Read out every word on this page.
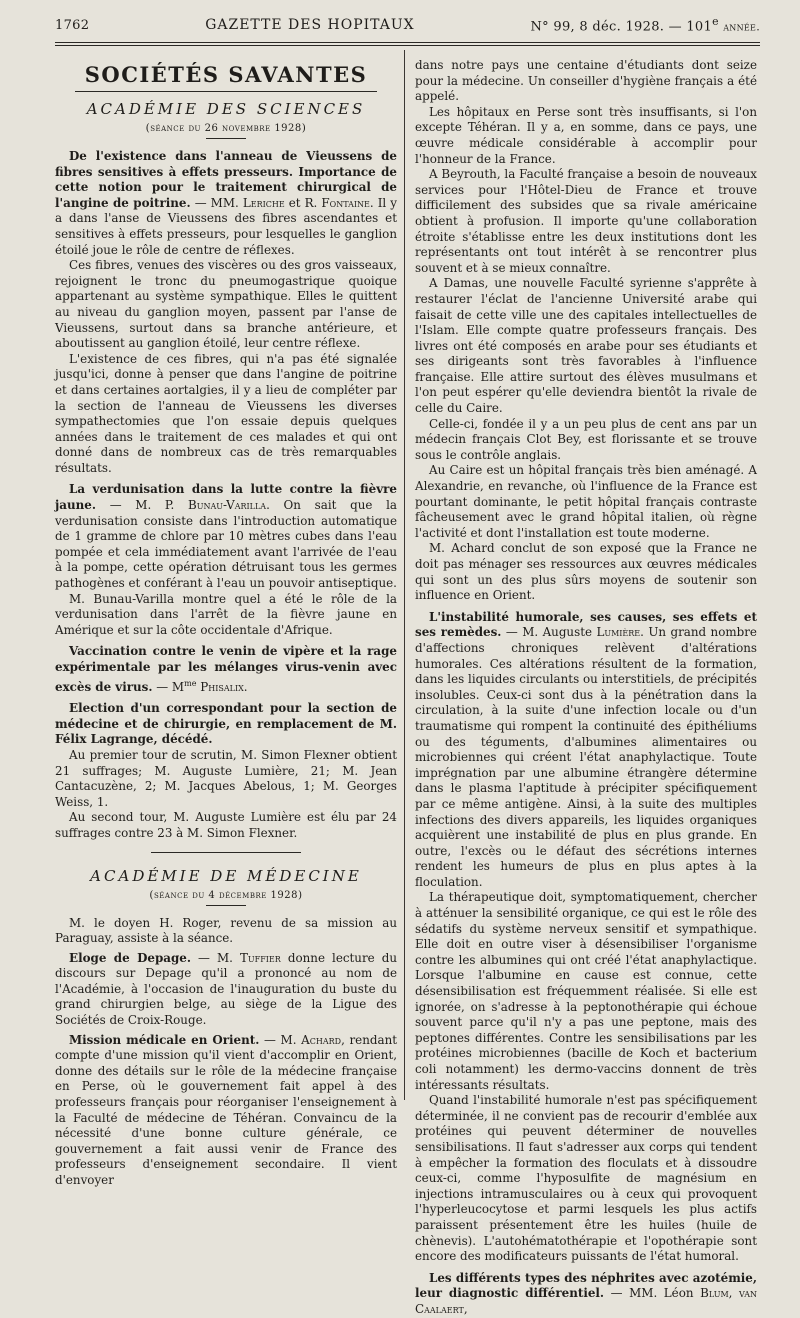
1762	GAZETTE DES HOPITAUX	N° 99, 8 déc. 1928. — 101e année.
SOCIÉTÉS SAVANTES
ACADÉMIE DES SCIENCES
(séance du 26 novembre 1928)

De l'existence dans l'anneau de Vieussens de fibres sensitives à effets presseurs. Importance de cette notion pour le traitement chirurgical de l'angine de poitrine. — MM. Leriche et R. Fontaine. Il y a dans l'anse de Vieussens des fibres ascendantes et sensitives à effets presseurs, pour lesquelles le ganglion étoilé joue le rôle de centre de réflexes.

Ces fibres, venues des viscères ou des gros vaisseaux, rejoignent le tronc du pneumogastrique quoique appartenant au système sympathique. Elles le quittent au niveau du ganglion moyen, passent par l'anse de Vieussens, surtout dans sa branche antérieure, et aboutissent au ganglion étoilé, leur centre réflexe.

L'existence de ces fibres, qui n'a pas été signalée jusqu'ici, donne à penser que dans l'angine de poitrine et dans certaines aortalgies, il y a lieu de compléter par la section de l'anneau de Vieussens les diverses sympathectomies que l'on essaie depuis quelques années dans le traitement de ces malades et qui ont donné dans de nombreux cas de très remarquables résultats.

La verdunisation dans la lutte contre la fièvre jaune. — M. P. Bunau-Varilla. On sait que la verdunisation consiste dans l'introduction automatique de 1 gramme de chlore par 10 mètres cubes dans l'eau pompée et cela immédiatement avant l'arrivée de l'eau à la pompe, cette opération détruisant tous les germes pathogènes et conférant à l'eau un pouvoir antiseptique.

M. Bunau-Varilla montre quel a été le rôle de la verdunisation dans l'arrêt de la fièvre jaune en Amérique et sur la côte occidentale d'Afrique.

Vaccination contre le venin de vipère et la rage expérimentale par les mélanges virus-venin avec excès de virus. — $M^{me}$ Phisalix.

Election d'un correspondant pour la section de médecine et de chirurgie, en remplacement de M. Félix Lagrange, décédé.

Au premier tour de scrutin, M. Simon Flexner obtient 21 suffrages; M. Auguste Lumière, 21; M. Jean Cantacuzène, 2; M. Jacques Abelous, 1; M. Georges Weiss, 1.

Au second tour, M. Auguste Lumière est élu par 24 suffrages contre 23 à M. Simon Flexner.

ACADÉMIE DE MÉDECINE
(séance du 4 décembre 1928)

M. le doyen H. Roger, revenu de sa mission au Paraguay, assiste à la séance.

Eloge de Depage. — M. Tuffier donne lecture du discours sur Depage qu'il a prononcé au nom de l'Académie, à l'occasion de l'inauguration du buste du grand chirurgien belge, au siège de la Ligue des Sociétés de Croix-Rouge.

Mission médicale en Orient. — M. Achard, rendant compte d'une mission qu'il vient d'accomplir en Orient, donne des détails sur le rôle de la médecine française en Perse, où le gouvernement fait appel à des professeurs français pour réorganiser l'enseignement à la Faculté de médecine de Téhéran. Convaincu de la nécessité d'une bonne culture générale, ce gouvernement a fait aussi venir de France des professeurs d'enseignement secondaire. Il vient d'envoyer

dans notre pays une centaine d'étudiants dont seize pour la médecine. Un conseiller d'hygiène français a été appelé.

Les hôpitaux en Perse sont très insuffisants, si l'on excepte Téhéran. Il y a, en somme, dans ce pays, une œuvre médicale considérable à accomplir pour l'honneur de la France.

A Beyrouth, la Faculté française a besoin de nouveaux services pour l'Hôtel-Dieu de France et trouve difficilement des subsides que sa rivale américaine obtient à profusion. Il importe qu'une collaboration étroite s'établisse entre les deux institutions dont les représentants ont tout intérêt à se rencontrer plus souvent et à se mieux connaître.

A Damas, une nouvelle Faculté syrienne s'apprête à restaurer l'éclat de l'ancienne Université arabe qui faisait de cette ville une des capitales intellectuelles de l'Islam. Elle compte quatre professeurs français. Des livres ont été composés en arabe pour ses étudiants et ses dirigeants sont très favorables à l'influence française. Elle attire surtout des élèves musulmans et l'on peut espérer qu'elle deviendra bientôt la rivale de celle du Caire.

Celle-ci, fondée il y a un peu plus de cent ans par un médecin français Clot Bey, est florissante et se trouve sous le contrôle anglais.

Au Caire est un hôpital français très bien aménagé. A Alexandrie, en revanche, où l'influence de la France est pourtant dominante, le petit hôpital français contraste fâcheusement avec le grand hôpital italien, où règne l'activité et dont l'installation est toute moderne.

M. Achard conclut de son exposé que la France ne doit pas ménager ses ressources aux œuvres médicales qui sont un des plus sûrs moyens de soutenir son influence en Orient.

L'instabilité humorale, ses causes, ses effets et ses remèdes. — M. Auguste Lumière. Un grand nombre d'affections chroniques relèvent d'altérations humorales. Ces altérations résultent de la formation, dans les liquides circulants ou interstitiels, de précipités insolubles. Ceux-ci sont dus à la pénétration dans la circulation, à la suite d'une infection locale ou d'un traumatisme qui rompent la continuité des épithéliums ou des téguments, d'albumines alimentaires ou microbiennes qui créent l'état anaphylactique. Toute imprégnation par une albumine étrangère détermine dans le plasma l'aptitude à précipiter spécifiquement par ce même antigène. Ainsi, à la suite des multiples infections des divers appareils, les liquides organiques acquièrent une instabilité de plus en plus grande. En outre, l'excès ou le défaut des sécrétions internes rendent les humeurs de plus en plus aptes à la floculation.

La thérapeutique doit, symptomatiquement, chercher à atténuer la sensibilité organique, ce qui est le rôle des sédatifs du système nerveux sensitif et sympathique. Elle doit en outre viser à désensibiliser l'organisme contre les albumines qui ont créé l'état anaphylactique. Lorsque l'albumine en cause est connue, cette désensibilisation est fréquemment réalisée. Si elle est ignorée, on s'adresse à la peptonothérapie qui échoue souvent parce qu'il n'y a pas une peptone, mais des peptones différentes. Contre les sensibilisations par les protéines microbiennes (bacille de Koch et bacterium coli notamment) les dermo-vaccins donnent de très intéressants résultats.

Quand l'instabilité humorale n'est pas spécifiquement déterminée, il ne convient pas de recourir d'emblée aux protéines qui peuvent déterminer de nouvelles sensibilisations. Il faut s'adresser aux corps qui tendent à empêcher la formation des floculats et à dissoudre ceux-ci, comme l'hyposulfite de magnésium en injections intramusculaires ou à ceux qui provoquent l'hyperleucocytose et parmi lesquels les plus actifs paraissent présentement être les huiles (huile de chènevis). L'autohématothérapie et l'opothérapie sont encore des modificateurs puissants de l'état humoral.

Les différents types des néphrites avec azotémie, leur diagnostic différentiel. — MM. Léon Blum, van Caalaert,
